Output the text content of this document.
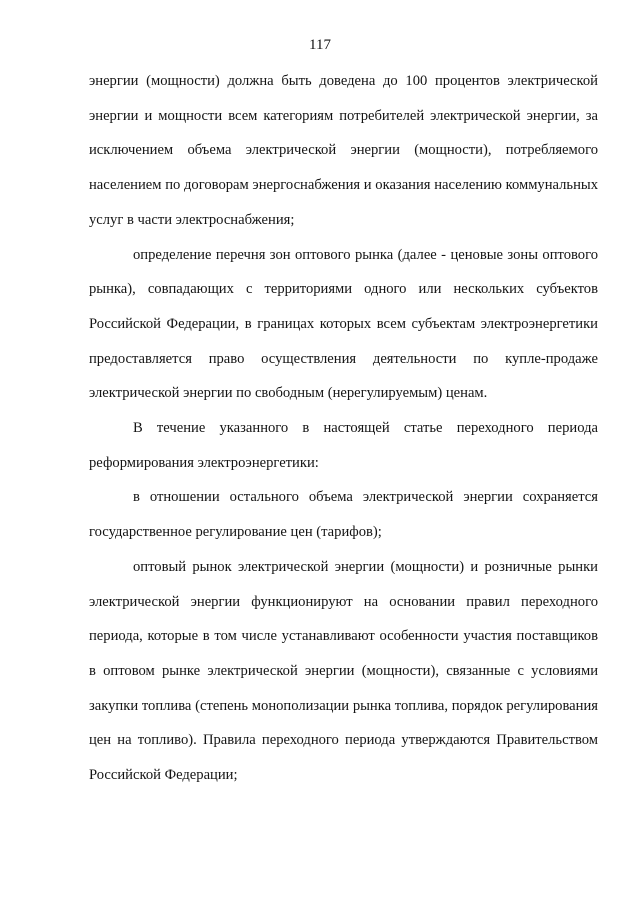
117

энергии (мощности) должна быть доведена до 100 процентов электрической энергии и мощности всем категориям потребителей электрической энергии, за исключением объема электрической энергии (мощности), потребляемого населением по договорам энергоснабжения и оказания населению коммунальных услуг в части электроснабжения;

определение перечня зон оптового рынка (далее - ценовые зоны оптового рынка), совпадающих с территориями одного или нескольких субъектов Российской Федерации, в границах которых всем субъектам электроэнергетики предоставляется право осуществления деятельности по купле-продаже электрической энергии по свободным (нерегулируемым) ценам.

В течение указанного в настоящей статье переходного периода реформирования электроэнергетики:

в отношении остального объема электрической энергии сохраняется государственное регулирование цен (тарифов);

оптовый рынок электрической энергии (мощности) и розничные рынки электрической энергии функционируют на основании правил переходного периода, которые в том числе устанавливают особенности участия поставщиков в оптовом рынке электрической энергии (мощности), связанные с условиями закупки топлива (степень монополизации рынка топлива, порядок регулирования цен на топливо). Правила переходного периода утверждаются Правительством Российской Федерации;
